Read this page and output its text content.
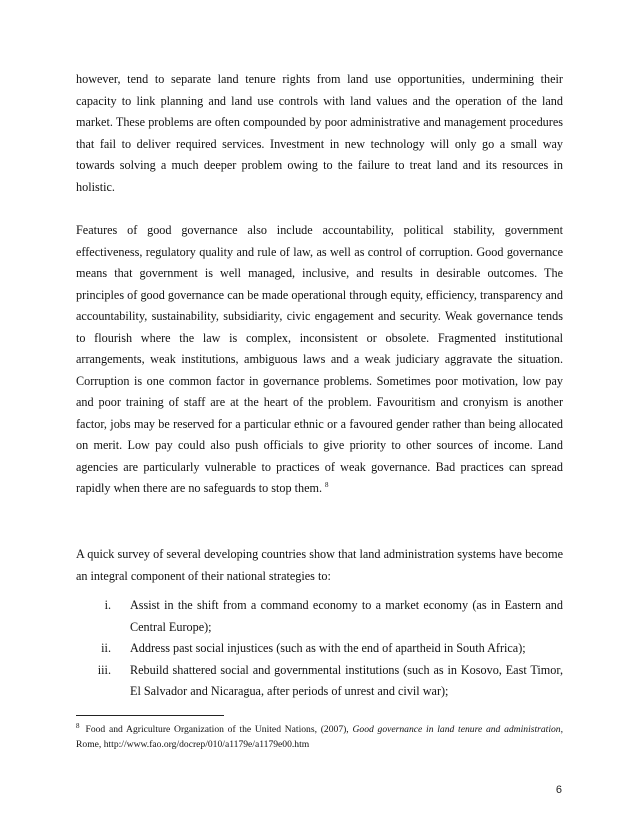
however, tend to separate land tenure rights from land use opportunities, undermining their capacity to link planning and land use controls with land values and the operation of the land market. These problems are often compounded by poor administrative and management procedures that fail to deliver required services. Investment in new technology will only go a small way towards solving a much deeper problem owing to the failure to treat land and its resources in holistic.

Features of good governance also include accountability, political stability, government effectiveness, regulatory quality and rule of law, as well as control of corruption. Good governance means that government is well managed, inclusive, and results in desirable outcomes. The principles of good governance can be made operational through equity, efficiency, transparency and accountability, sustainability, subsidiarity, civic engagement and security. Weak governance tends to flourish where the law is complex, inconsistent or obsolete. Fragmented institutional arrangements, weak institutions, ambiguous laws and a weak judiciary aggravate the situation. Corruption is one common factor in governance problems. Sometimes poor motivation, low pay and poor training of staff are at the heart of the problem. Favouritism and cronyism is another factor, jobs may be reserved for a particular ethnic or a favoured gender rather than being allocated on merit. Low pay could also push officials to give priority to other sources of income. Land agencies are particularly vulnerable to practices of weak governance. Bad practices can spread rapidly when there are no safeguards to stop them. $^8$

A quick survey of several developing countries show that land administration systems have become an integral component of their national strategies to:

i. Assist in the shift from a command economy to a market economy (as in Eastern and Central Europe);
ii. Address past social injustices (such as with the end of apartheid in South Africa);
iii. Rebuild shattered social and governmental institutions (such as in Kosovo, East Timor, El Salvador and Nicaragua, after periods of unrest and civil war);

$^8$ Food and Agriculture Organization of the United Nations, (2007), Good governance in land tenure and administration, Rome, http://www.fao.org/docrep/010/a1179e/a1179e00.htm

6
